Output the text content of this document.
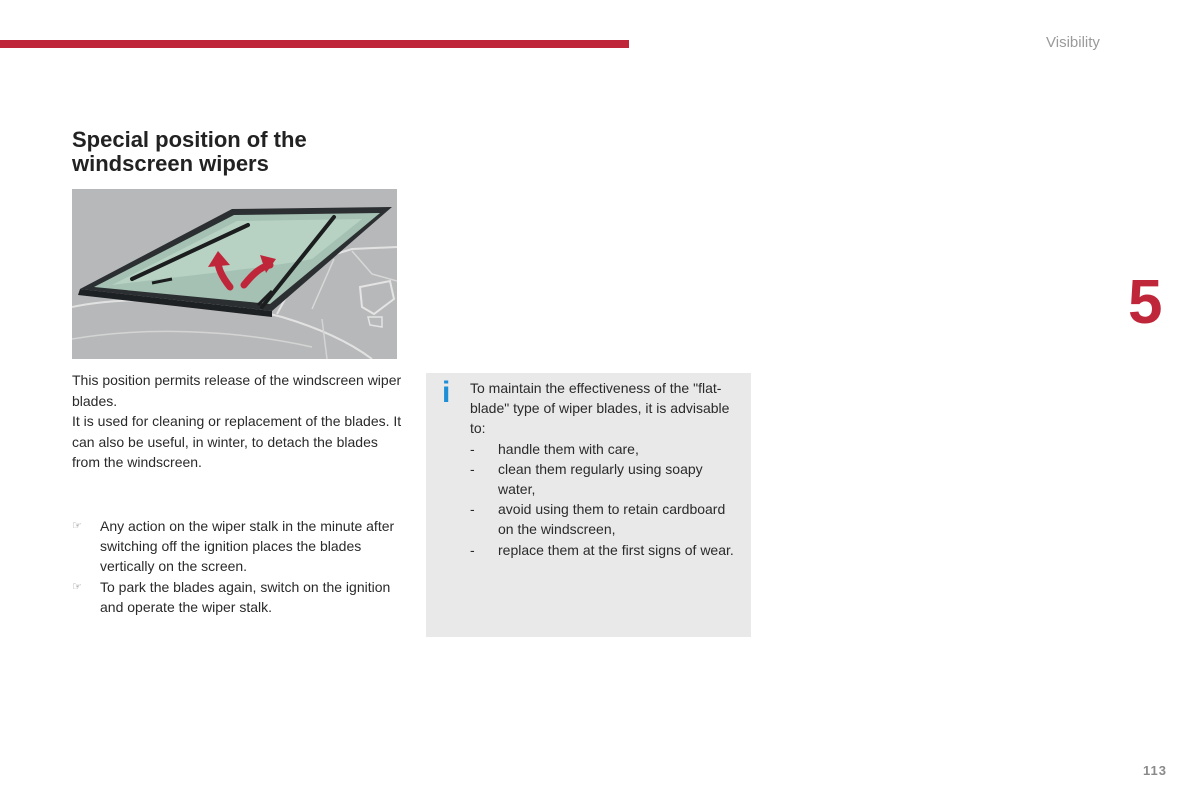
Visibility
5
Special position of the windscreen wipers

This position permits release of the windscreen wiper blades.

It is used for cleaning or replacement of the blades. It can also be useful, in winter, to detach the blades from the windscreen.

☞ Any action on the wiper stalk in the minute after switching off the ignition places the blades vertically on the screen.
☞ To park the blades again, switch on the ignition and operate the wiper stalk.
i To maintain the effectiveness of the "flat-blade" type of wiper blades, it is advisable to:

- handle them with care,
- clean them regularly using soapy water,
- avoid using them to retain cardboard on the windscreen,
- replace them at the first signs of wear.
113
